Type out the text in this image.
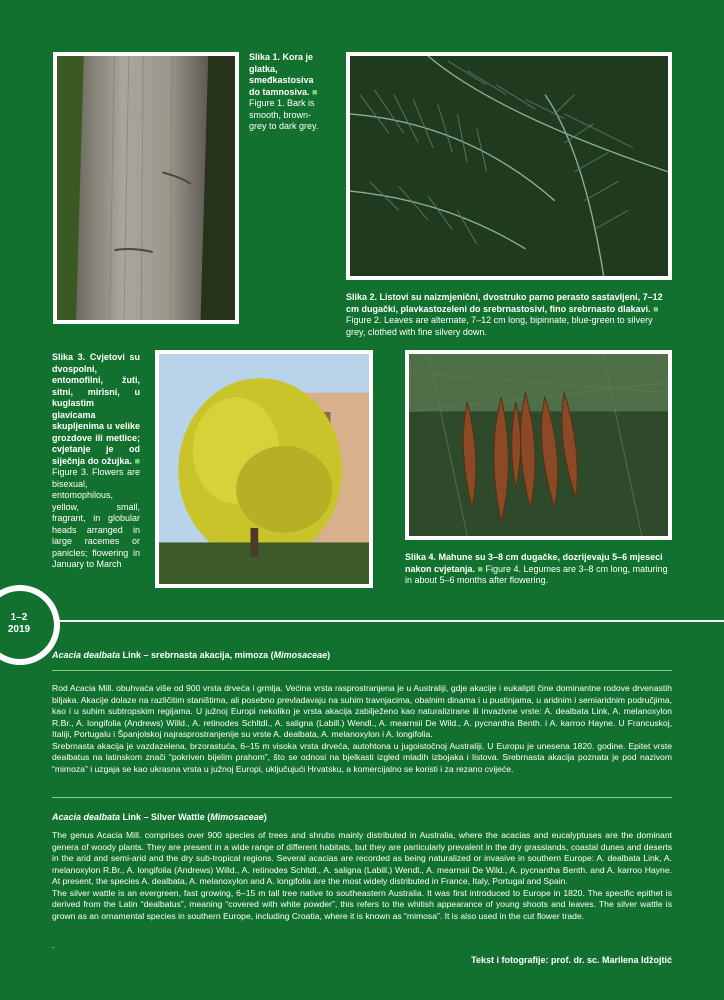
Slika 1. Kora je glatka, smeđkastosiva do tamnosiva. ■ Figure 1. Bark is smooth, brown-grey to dark grey.
Slika 2. Listovi su naizmjenični, dvostruko parno perasto sastavljeni, 7–12 cm dugački, plavkastozeleni do srebrnastosivi, fino srebrnasto dlakavi. ■ Figure 2. Leaves are alternate, 7–12 cm long, bipinnate, blue-green to silvery grey, clothed with fine silvery down.
Slika 3. Cvjetovi su dvospolni, entomofilni, žuti, sitni, mirisni, u kuglastim glavicama skupljenima u velike grozdove ili metlice; cvjetanje je od siječnja do ožujka. ■ Figure 3. Flowers are bisexual, entomophilous, yellow, small, fragrant, in globular heads arranged in large racemes or panicles; flowering in January to March
Slika 4. Mahune su 3–8 cm dugačke, dozrijevaju 5–6 mjeseci nakon cvjetanja. ■ Figure 4. Legumes are 3–8 cm long, maturing in about 5–6 months after flowering.
1–2
2019
Acacia dealbata Link – srebrnasta akacija, mimoza (Mimosaceae)

Rod Acacia Mill. obuhvaća više od 900 vrsta drveća i grmlja. Većina vrsta rasprostranjena je u Australiji, gdje akacije i eukalipti čine dominantne rodove drvenastih biljaka. Akacije dolaze na različitim staništima, ali posebno prevladavaju na suhim travnjacima, obalnim dinama i u pustinjama, u aridnim i semiaridnim područjima, kao i u suhim subtropskim regijama. U južnoj Europi nekoliko je vrsta akacija zabilježeno kao naturalizirane ili invazivne vrste: A. dealbata Link, A. melanoxylon R.Br., A. longifolia (Andrews) Willd., A. retinodes Schltdl., A. saligna (Labill.) Wendl., A. mearnsii De Wild., A. pycnantha Benth. i A. karroo Hayne. U Francuskoj, Italiji, Portugalu i Španjolskoj najrasprostranjenije su vrste A. dealbata, A. melanoxylon i A. longifolia.

Srebrnasta akacija je vazdazelena, brzorastuća, 6–15 m visoka vrsta drveća, autohtona u jugoistočnoj Australiji. U Europu je unesena 1820. godine. Epitet vrste dealbatus na latinskom znači “pokriven bijelim prahom”, što se odnosi na bjelkasti izgled mladih izbojaka i listova. Srebrnasta akacija poznata je pod nazivom “mimoza” i uzgaja se kao ukrasna vrsta u južnoj Europi, uključujući Hrvatsku, a komercijalno se koristi i za rezano cvijeće.

Acacia dealbata Link – Silver Wattle (Mimosaceae)

The genus Acacia Mill. comprises over 900 species of trees and shrubs mainly distributed in Australia, where the acacias and eucalyptuses are the dominant genera of woody plants. They are present in a wide range of different habitats, but they are particularly prevalent in the dry grasslands, coastal dunes and deserts in the arid and semi-arid and the dry sub-tropical regions. Several acacias are recorded as being naturalized or invasive in southern Europe: A. dealbata Link, A. melanoxylon R.Br., A. longifolia (Andrews) Willd., A. retinodes Schltdl., A. saligna (Labill.) Wendl., A. mearnsii De Wild., A. pycnantha Benth. and A. karroo Hayne. At present, the species A. dealbata, A. melanoxylon and A. longifolia are the most widely distributed in France, Italy, Portugal and Spain.

The silver wattle is an evergreen, fast growing, 6–15 m tall tree native to southeastern Australia. It was first introduced to Europe in 1820. The specific epithet is derived from the Latin “dealbatus”, meaning “covered with white powder”, this refers to the whitish appearance of young shoots and leaves. The silver wattle is grown as an ornamental species in southern Europe, including Croatia, where it is known as “mimosa”. It is also used in the cut flower trade.

.
Tekst i fotografije: prof. dr. sc. Marilena Idžojtić
